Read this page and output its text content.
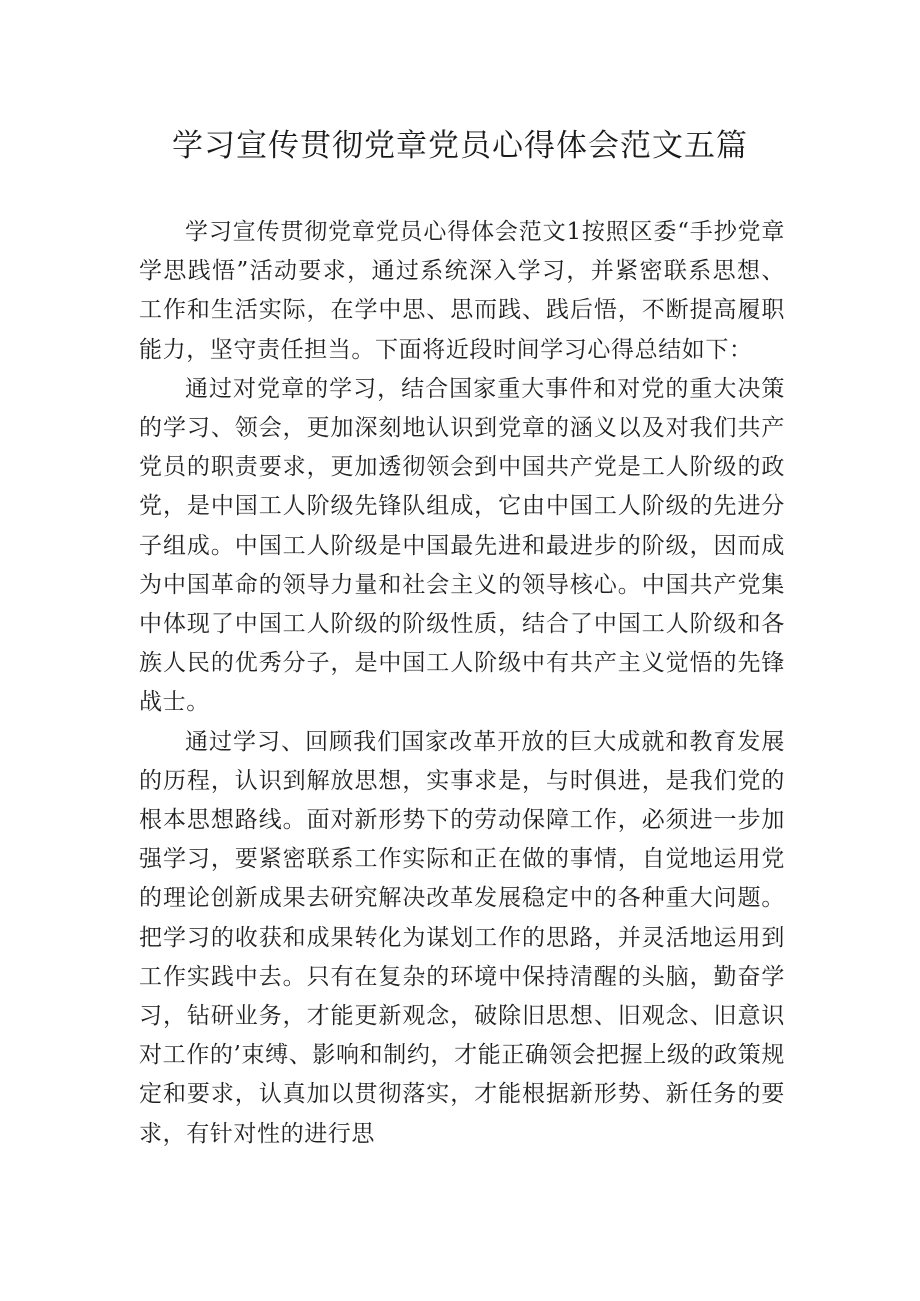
学习宣传贯彻党章党员心得体会范文五篇

学习宣传贯彻党章党员心得体会范文1按照区委“手抄党章学思践悟”活动要求，通过系统深入学习，并紧密联系思想、工作和生活实际，在学中思、思而践、践后悟，不断提高履职能力，坚守责任担当。下面将近段时间学习心得总结如下：

通过对党章的学习，结合国家重大事件和对党的重大决策的学习、领会，更加深刻地认识到党章的涵义以及对我们共产党员的职责要求，更加透彻领会到中国共产党是工人阶级的政党，是中国工人阶级先锋队组成，它由中国工人阶级的先进分子组成。中国工人阶级是中国最先进和最进步的阶级，因而成为中国革命的领导力量和社会主义的领导核心。中国共产党集中体现了中国工人阶级的阶级性质，结合了中国工人阶级和各族人民的优秀分子，是中国工人阶级中有共产主义觉悟的先锋战士。

通过学习、回顾我们国家改革开放的巨大成就和教育发展的历程，认识到解放思想，实事求是，与时俱进，是我们党的根本思想路线。面对新形势下的劳动保障工作，必须进一步加强学习，要紧密联系工作实际和正在做的事情，自觉地运用党的理论创新成果去研究解决改革发展稳定中的各种重大问题。把学习的收获和成果转化为谋划工作的思路，并灵活地运用到工作实践中去。只有在复杂的环境中保持清醒的头脑，勤奋学习，钻研业务，才能更新观念，破除旧思想、旧观念、旧意识对工作的’束缚、影响和制约，才能正确领会把握上级的政策规定和要求，认真加以贯彻落实，才能根据新形势、新任务的要求，有针对性的进行思
